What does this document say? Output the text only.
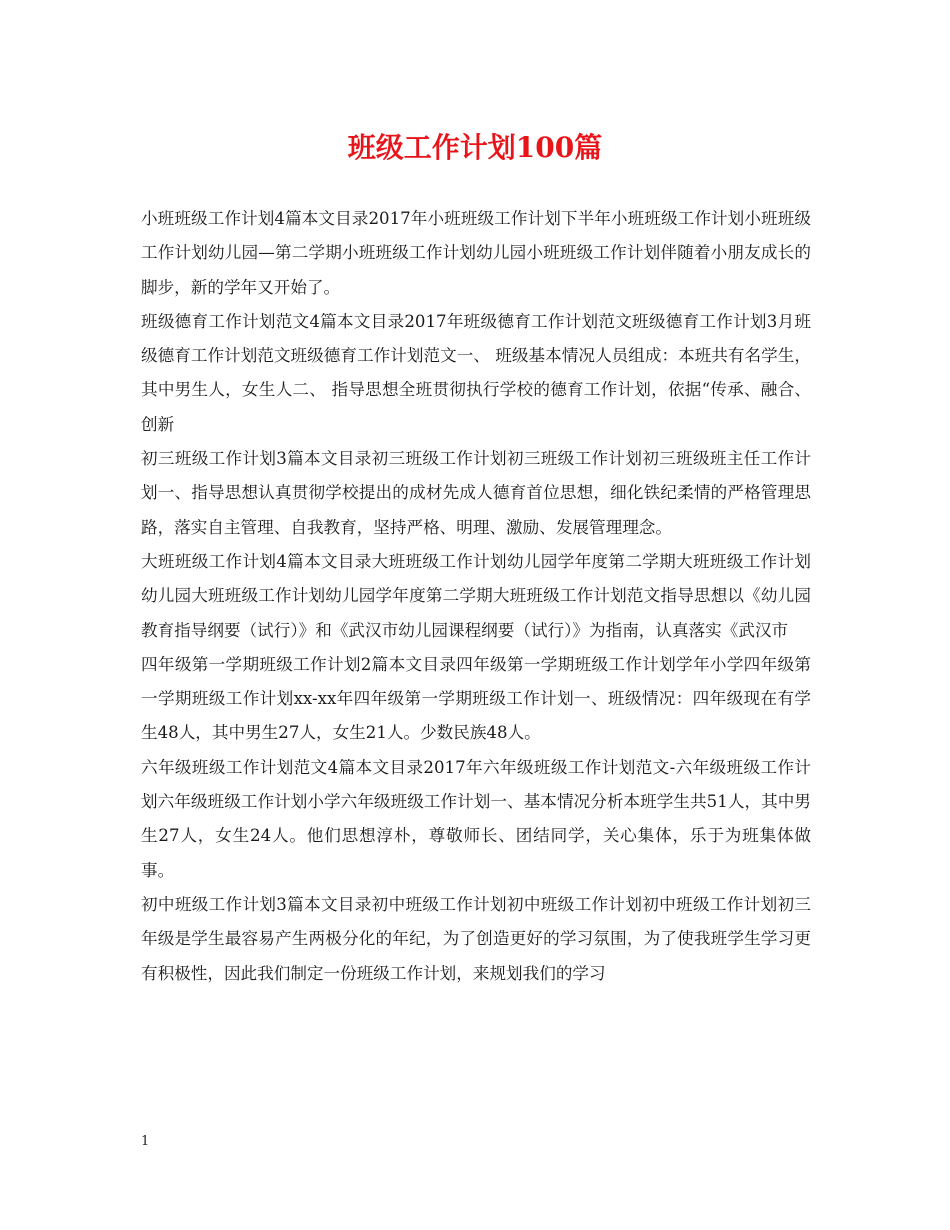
班级工作计划100篇

小班班级工作计划4篇本文目录2017年小班班级工作计划下半年小班班级工作计划小班班级工作计划幼儿园—第二学期小班班级工作计划幼儿园小班班级工作计划伴随着小朋友成长的脚步，新的学年又开始了。

班级德育工作计划范文4篇本文目录2017年班级德育工作计划范文班级德育工作计划3月班级德育工作计划范文班级德育工作计划范文一、 班级基本情况人员组成：本班共有名学生，其中男生人，女生人二、 指导思想全班贯彻执行学校的德育工作计划，依据“传承、融合、创新

初三班级工作计划3篇本文目录初三班级工作计划初三班级工作计划初三班级班主任工作计划一、指导思想认真贯彻学校提出的成材先成人德育首位思想，细化铁纪柔情的严格管理思路，落实自主管理、自我教育，坚持严格、明理、激励、发展管理理念。

大班班级工作计划4篇本文目录大班班级工作计划幼儿园学年度第二学期大班班级工作计划幼儿园大班班级工作计划幼儿园学年度第二学期大班班级工作计划范文指导思想以《幼儿园教育指导纲要（试行）》和《武汉市幼儿园课程纲要（试行）》为指南，认真落实《武汉市

四年级第一学期班级工作计划2篇本文目录四年级第一学期班级工作计划学年小学四年级第一学期班级工作计划xx-xx年四年级第一学期班级工作计划一、班级情况：四年级现在有学生48人，其中男生27人，女生21人。少数民族48人。

六年级班级工作计划范文4篇本文目录2017年六年级班级工作计划范文-六年级班级工作计划六年级班级工作计划小学六年级班级工作计划一、基本情况分析本班学生共51人，其中男生27人，女生24人。他们思想淳朴，尊敬师长、团结同学，关心集体，乐于为班集体做事。

初中班级工作计划3篇本文目录初中班级工作计划初中班级工作计划初中班级工作计划初三年级是学生最容易产生两极分化的年纪，为了创造更好的学习氛围，为了使我班学生学习更有积极性，因此我们制定一份班级工作计划，来规划我们的学习

1
